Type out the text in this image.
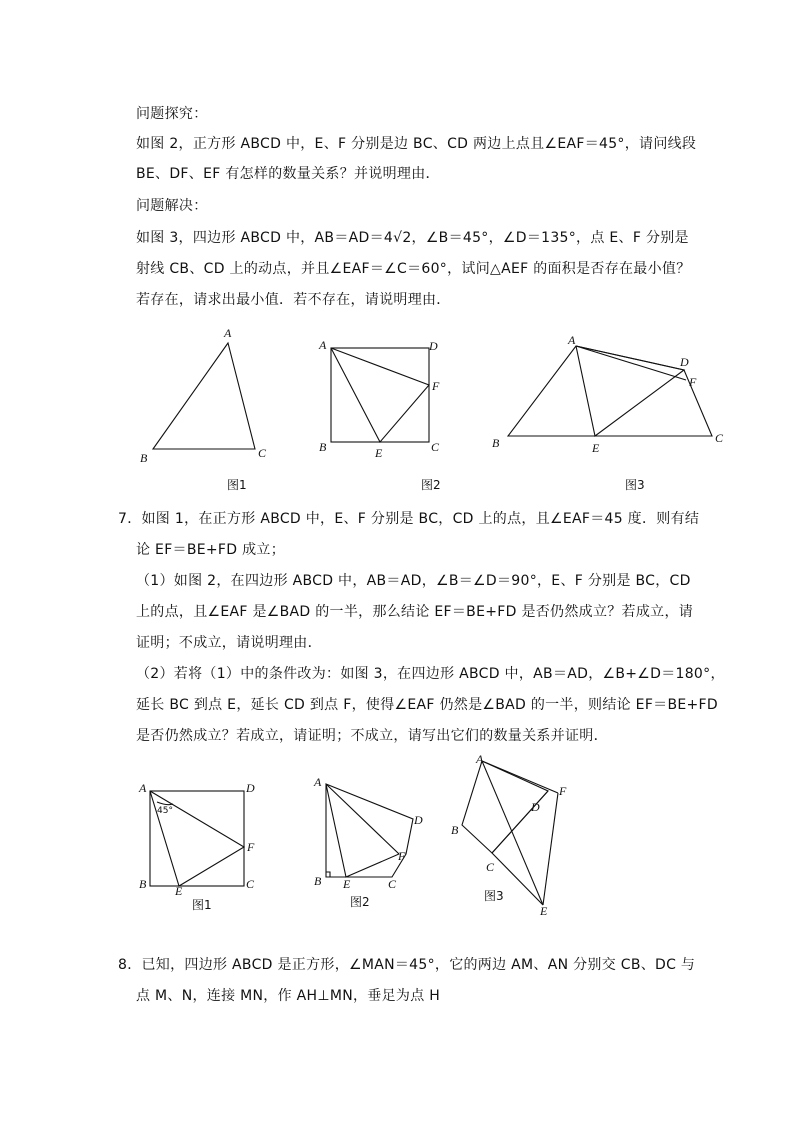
问题探究：
如图 2，正方形 ABCD 中，E、F 分别是边 BC、CD 两边上点且∠EAF＝45°，请问线段
BE、DF、EF 有怎样的数量关系？并说明理由．
问题解决：
如图 3，四边形 ABCD 中，AB＝AD＝4√2，∠B＝45°，∠D＝135°，点 E、F 分别是
射线 CB、CD 上的动点，并且∠EAF＝∠C＝60°，试问△AEF 的面积是否存在最小值？
若存在，请求出最小值．若不存在，请说明理由．
A
B	C
图1
A	D
F
B	E	C
图2
A
D
F
B	E
C
图3
7．如图 1，在正方形 ABCD 中，E、F 分别是 BC，CD 上的点，且∠EAF＝45 度．则有结
论 EF＝BE+FD 成立；
（1）如图 2，在四边形 ABCD 中，AB＝AD，∠B＝∠D＝90°，E、F 分别是 BC，CD
上的点，且∠EAF 是∠BAD 的一半，那么结论 EF＝BE+FD 是否仍然成立？若成立，请
证明；不成立，请说明理由．
（2）若将（1）中的条件改为：如图 3，在四边形 ABCD 中，AB＝AD，∠B+∠D＝180°，
延长 BC 到点 E，延长 CD 到点 F，使得∠EAF 仍然是∠BAD 的一半，则结论 EF＝BE+FD
是否仍然成立？若成立，请证明；不成立，请写出它们的数量关系并证明．
A	D
F
B E	C
45°
图1
A
D
F
B E	C
图2
A
F
D
B
C
E
图3
8．已知，四边形 ABCD 是正方形，∠MAN＝45°，它的两边 AM、AN 分别交 CB、DC 与
点 M、N，连接 MN，作 AH⊥MN，垂足为点 H
